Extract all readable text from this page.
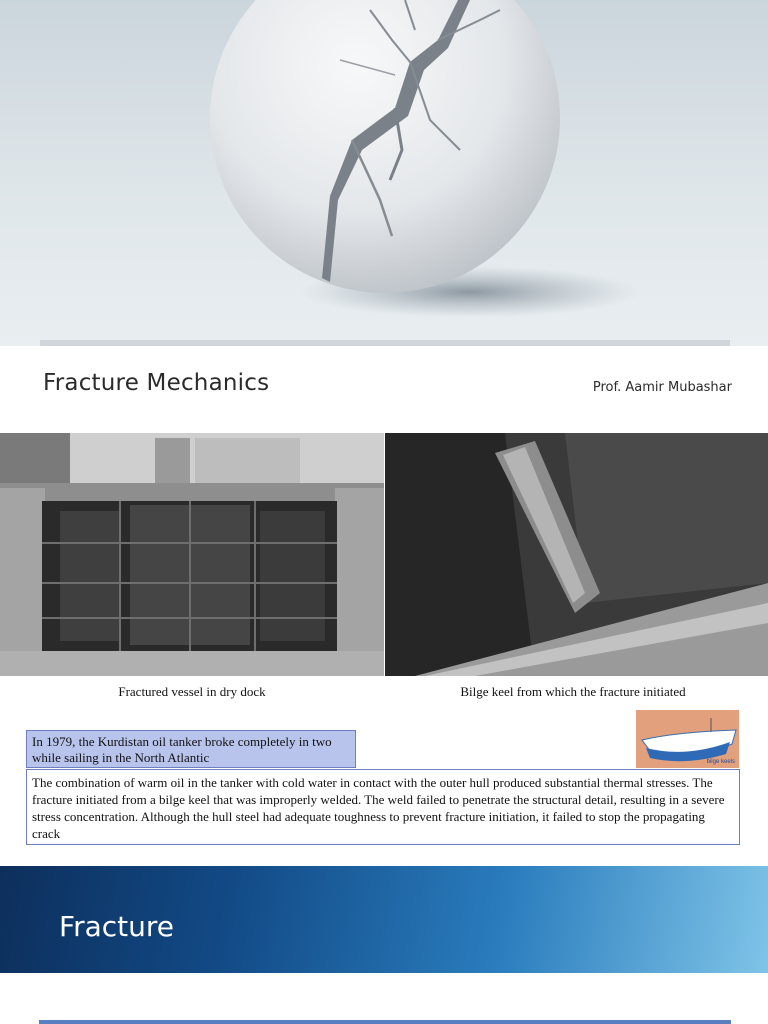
Fracture Mechanics	Prof. Aamir Mubashar
Fractured vessel in dry dock	Bilge keel from which the fracture initiated
bilge keels
In 1979, the Kurdistan oil tanker broke completely in two while sailing in the North Atlantic
The combination of warm oil in the tanker with cold water in contact with the outer hull produced substantial thermal stresses. The fracture initiated from a bilge keel that was improperly welded. The weld failed to penetrate the structural detail, resulting in a severe stress concentration. Although the hull steel had adequate toughness to prevent fracture initiation, it failed to stop the propagating crack
Fracture
